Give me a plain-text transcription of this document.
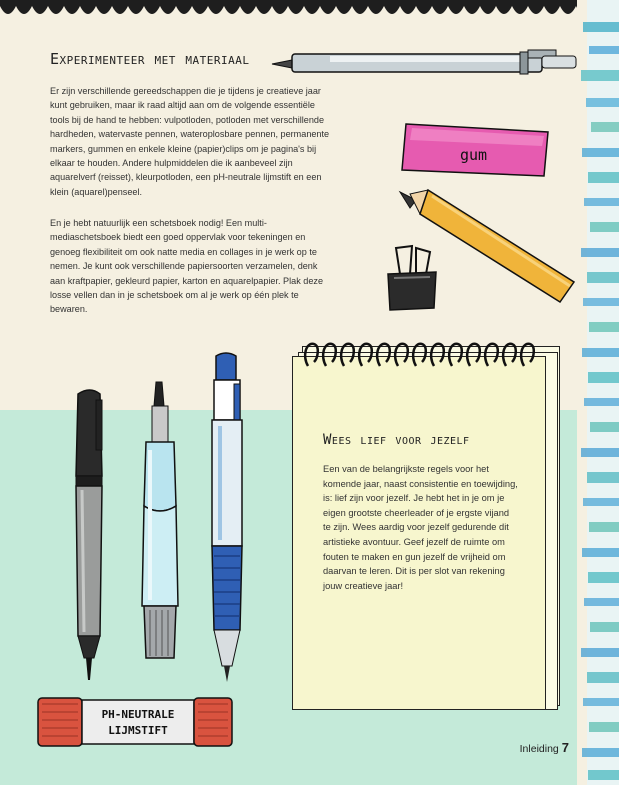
Experimenteer met materiaal

Er zijn verschillende gereedschappen die je tijdens je creatieve jaar kunt gebruiken, maar ik raad altijd aan om de volgende essentiële tools bij de hand te hebben: vulpotloden, potloden met verschillende hardheden, watervaste pennen, wateroplosbare pennen, permanente markers, gummen en enkele kleine (papier)clips om je pagina's bij elkaar te houden. Andere hulpmiddelen die ik aanbeveel zijn aquarelverf (reisset), kleurpotloden, een pH-neutrale lijmstift en een klein (aquarel)penseel.

En je hebt natuurlijk een schetsboek nodig! Een multi-mediaschetsboek biedt een goed oppervlak voor tekeningen en genoeg flexibiliteit om ook natte media en collages in je werk op te nemen. Je kunt ook verschillende papiersoorten verzamelen, denk aan kraftpapier, gekleurd papier, karton en aquarelpapier. Plak deze losse vellen dan in je schetsboek om al je werk op één plek te bewaren.

gum
Wees lief voor jezelf

Een van de belangrijkste regels voor het komende jaar, naast consistentie en toewijding, is: lief zijn voor jezelf. Je hebt het in je om je eigen grootste cheerleader of je ergste vijand te zijn. Wees aardig voor jezelf gedurende dit artistieke avontuur. Geef jezelf de ruimte om fouten te maken en gun jezelf de vrijheid om daarvan te leren. Dit is per slot van rekening jouw creatieve jaar!

PH-NEUTRALE
LIJMSTIFT
Inleiding 7
